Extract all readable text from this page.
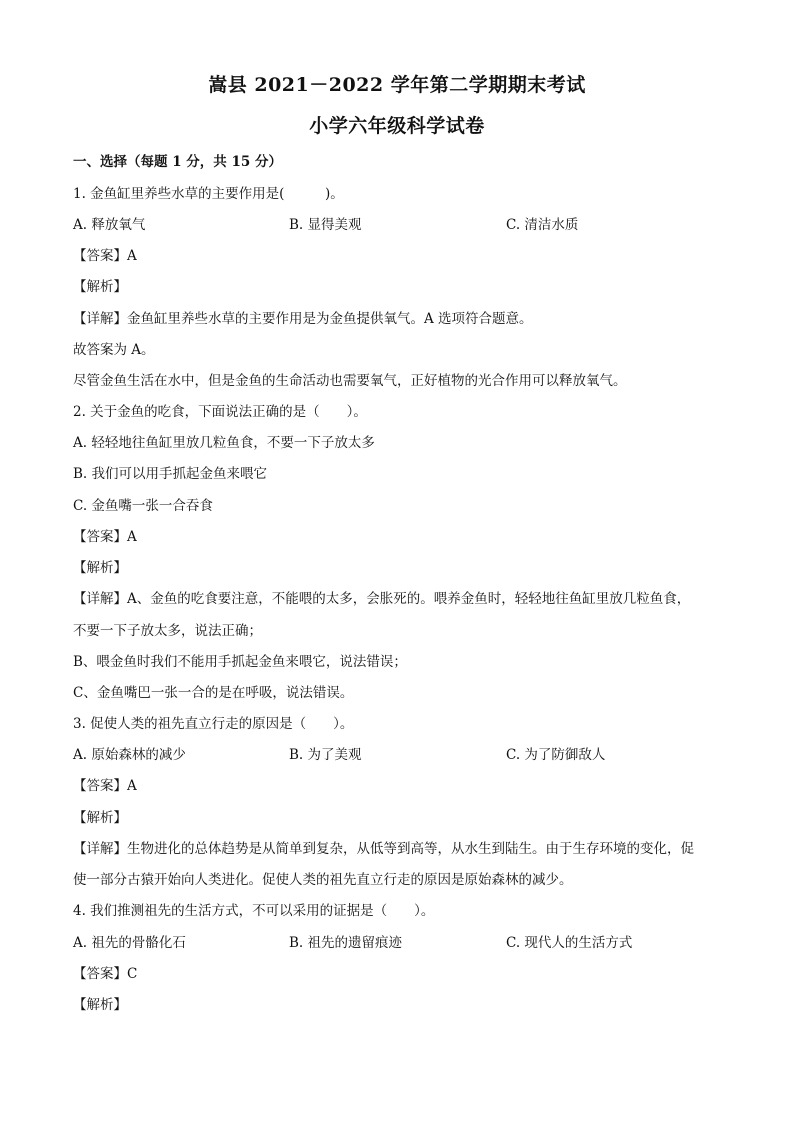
嵩县 2021－2022 学年第二学期期末考试
小学六年级科学试卷
一、选择（每题 1 分，共 15 分）
1. 金鱼缸里养些水草的主要作用是(　　　)。
A. 释放氧气	B. 显得美观	C. 清洁水质
【答案】A
【解析】
【详解】金鱼缸里养些水草的主要作用是为金鱼提供氧气。A 选项符合题意。
故答案为 A。
尽管金鱼生活在水中，但是金鱼的生命活动也需要氧气，正好植物的光合作用可以释放氧气。
2. 关于金鱼的吃食，下面说法正确的是（　　）。
A. 轻轻地往鱼缸里放几粒鱼食，不要一下子放太多
B. 我们可以用手抓起金鱼来喂它
C. 金鱼嘴一张一合吞食
【答案】A
【解析】
【详解】A、金鱼的吃食要注意，不能喂的太多，会胀死的。喂养金鱼时，轻轻地往鱼缸里放几粒鱼食，
不要一下子放太多，说法正确；
B、喂金鱼时我们不能用手抓起金鱼来喂它，说法错误；
C、金鱼嘴巴一张一合的是在呼吸，说法错误。
3. 促使人类的祖先直立行走的原因是（　　）。
A. 原始森林的减少	B. 为了美观	C. 为了防御敌人
【答案】A
【解析】
【详解】生物进化的总体趋势是从简单到复杂，从低等到高等，从水生到陆生。由于生存环境的变化，促
使一部分古猿开始向人类进化。促使人类的祖先直立行走的原因是原始森林的减少。
4. 我们推测祖先的生活方式，不可以采用的证据是（　　）。
A. 祖先的骨骼化石	B. 祖先的遗留痕迹	C. 现代人的生活方式
【答案】C
【解析】
